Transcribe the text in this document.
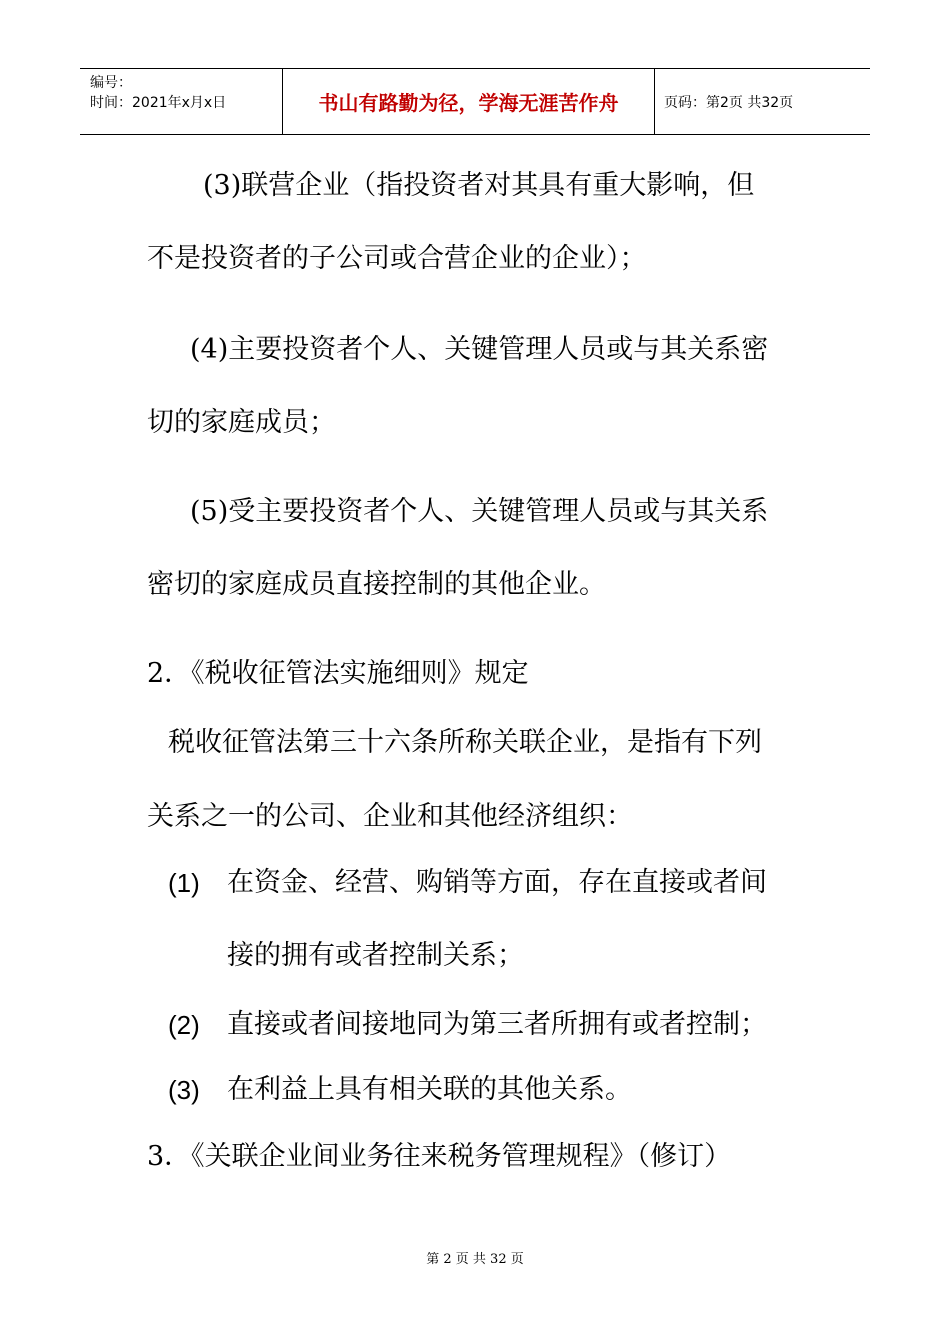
编号：
时间：2021年x月x日	书山有路勤为径，学海无涯苦作舟	页码：第2页 共32页
(3)联营企业（指投资者对其具有重大影响，但
不是投资者的子公司或合营企业的企业）；
(4)主要投资者个人、关键管理人员或与其关系密
切的家庭成员；
(5)受主要投资者个人、关键管理人员或与其关系
密切的家庭成员直接控制的其他企业。
2．《税收征管法实施细则》规定
税收征管法第三十六条所称关联企业，是指有下列
关系之一的公司、企业和其他经济组织：
(1) 在资金、经营、购销等方面，存在直接或者间
接的拥有或者控制关系；
(2) 直接或者间接地同为第三者所拥有或者控制；
(3) 在利益上具有相关联的其他关系。
3．《关联企业间业务往来税务管理规程》（修订）
第 2 页 共 32 页
